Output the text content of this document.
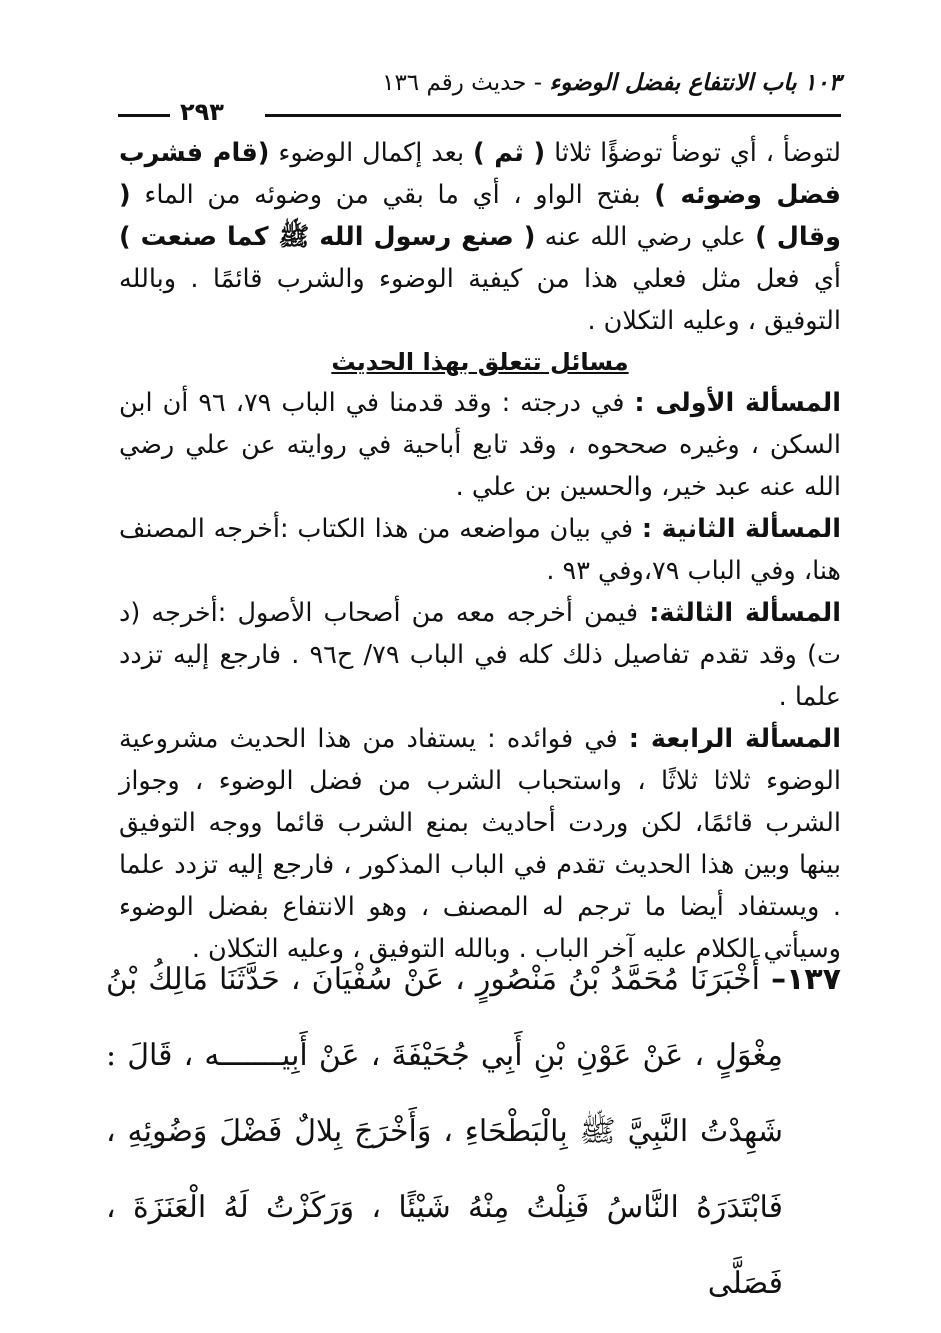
١٠٣ باب الانتفاع بفضل الوضوء - حديث رقم ١٣٦
٢٩٣

لتوضأ ، أي توضأ توضؤًا ثلاثا ( ثم ) بعد إكمال الوضوء (قام فشرب فضل وضوئه ) بفتح الواو ، أي ما بقي من وضوئه من الماء ( وقال ) علي رضي الله عنه ( صنع رسول الله ﷺ كما صنعت ) أي فعل مثل فعلي هذا من كيفية الوضوء والشرب قائمًا . وبالله التوفيق ، وعليه التكلان .

مسائل تتعلق بهذا الحديث

المسألة الأولى : في درجته : وقد قدمنا في الباب ٧٩، ٩٦ أن ابن السكن ، وغيره صححوه ، وقد تابع أباحية في روايته عن علي رضي الله عنه عبد خير، والحسين بن علي .

المسألة الثانية : في بيان مواضعه من هذا الكتاب :أخرجه المصنف هنا، وفي الباب ٧٩،وفي ٩٣ .

المسألة الثالثة: فيمن أخرجه معه من أصحاب الأصول :أخرجه (د ت) وقد تقدم تفاصيل ذلك كله في الباب ٧٩/ ح٩٦ . فارجع إليه تزدد علما .

المسألة الرابعة : في فوائده : يستفاد من هذا الحديث مشروعية الوضوء ثلاثا ثلاثًا ، واستحباب الشرب من فضل الوضوء ، وجواز الشرب قائمًا، لكن وردت أحاديث بمنع الشرب قائما ووجه التوفيق بينها وبين هذا الحديث تقدم في الباب المذكور ، فارجع إليه تزدد علما . ويستفاد أيضا ما ترجم له المصنف ، وهو الانتفاع بفضل الوضوء وسيأتي الكلام عليه آخر الباب . وبالله التوفيق ، وعليه التكلان .

١٣٧– أَخْبَرَنَا مُحَمَّدُ بْنُ مَنْصُورٍ ، عَنْ سُفْيَانَ ، حَدَّثَنَا مَالِكُ بْنُ
مِغْوَلٍ ، عَنْ عَوْنِ بْنِ أَبِي جُحَيْفَةَ ، عَنْ أَبِيـــــــه ، قَالَ :
شَهِدْتُ النَّبِيَّ ﷺ بِالْبَطْحَاءِ ، وَأَخْرَجَ بِلالٌ فَضْلَ وَضُوئِهِ ،
فَابْتَدَرَهُ النَّاسُ فَنِلْتُ مِنْهُ شَيْئًا ، وَرَكَزْتُ لَهُ الْعَنَزَةَ ، فَصَلَّى
